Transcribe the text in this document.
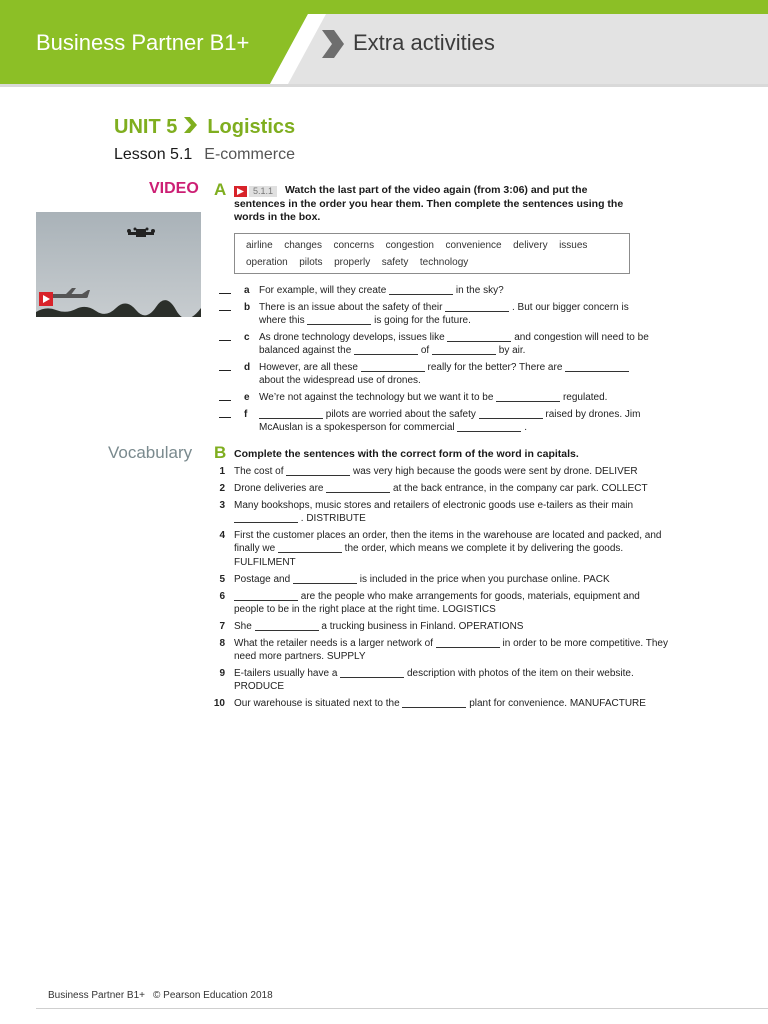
Business Partner B1+	Extra activities
UNIT 5 Logistics
Lesson 5.1 E-commerce
VIDEO A	5.1.1	Watch the last part of the video again (from 3:06) and put the sentences in the order you hear them. Then complete the sentences using the words in the box.
airline changes concerns congestion convenience delivery issues
operation pilots properly safety technology
a For example, will they create	in the sky?
b There is an issue about the safety of their	. But our bigger concern is where this	is going for the future.
c As drone technology develops, issues like	and congestion will need to be balanced against the	of	by air.
d However, are all these	really for the better? There are  about the widespread use of drones.
e We’re not against the technology but we want it to be	regulated.
f	pilots are worried about the safety	raised by drones. Jim McAuslan is a spokesperson for commercial	.
Vocabulary B Complete the sentences with the correct form of the word in capitals.
1 The cost of	was very high because the goods were sent by drone. DELIVER
2 Drone deliveries are	at the back entrance, in the company car park. COLLECT
3 Many bookshops, music stores and retailers of electronic goods use e-tailers as their main  . DISTRIBUTE
4 First the customer places an order, then the items in the warehouse are located and packed, and finally we	the order, which means we complete it by delivering the goods. FULFILMENT
5 Postage and	is included in the price when you purchase online. PACK
6	are the people who make arrangements for goods, materials, equipment and people to be in the right place at the right time. LOGISTICS
7 She	a trucking business in Finland. OPERATIONS
8 What the retailer needs is a larger network of	in order to be more competitive. They need more partners. SUPPLY
9 E-tailers usually have a	description with photos of the item on their website. PRODUCE
10 Our warehouse is situated next to the	plant for convenience. MANUFACTURE
Business Partner B1+ © Pearson Education 2018
